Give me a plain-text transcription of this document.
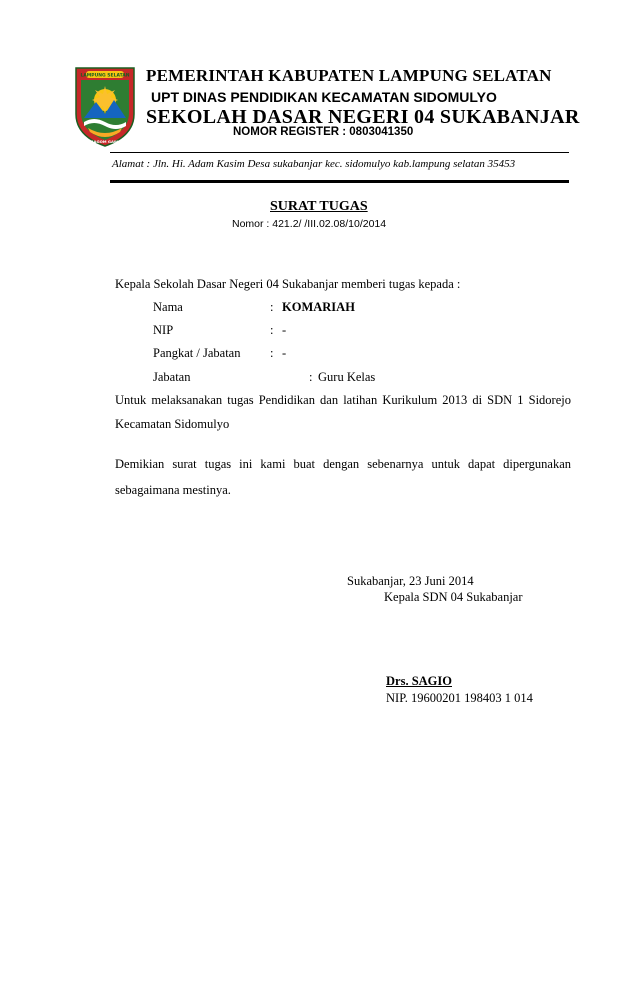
LAMPUNG SELATAN
RAGOM GAWI
PEMERINTAH KABUPATEN LAMPUNG SELATAN
UPT DINAS PENDIDIKAN KECAMATAN SIDOMULYO
SEKOLAH DASAR NEGERI 04 SUKABANJAR
NOMOR REGISTER : 0803041350
Alamat : Jln. Hi. Adam Kasim Desa sukabanjar kec. sidomulyo kab.lampung selatan 35453
SURAT TUGAS
Nomor : 421.2/ /III.02.08/10/2014
Kepala Sekolah Dasar Negeri 04 Sukabanjar memberi tugas kepada :
Nama	: KOMARIAH
NIP	: -
Pangkat / Jabatan : -
Jabatan	: Guru Kelas
Untuk melaksanakan tugas Pendidikan dan latihan Kurikulum 2013 di SDN 1 Sidorejo Kecamatan Sidomulyo
Demikian surat tugas ini kami buat dengan sebenarnya untuk dapat dipergunakan sebagaimana mestinya.
Sukabanjar, 23 Juni 2014
Kepala SDN 04 Sukabanjar
Drs. SAGIO
NIP. 19600201 198403 1 014
